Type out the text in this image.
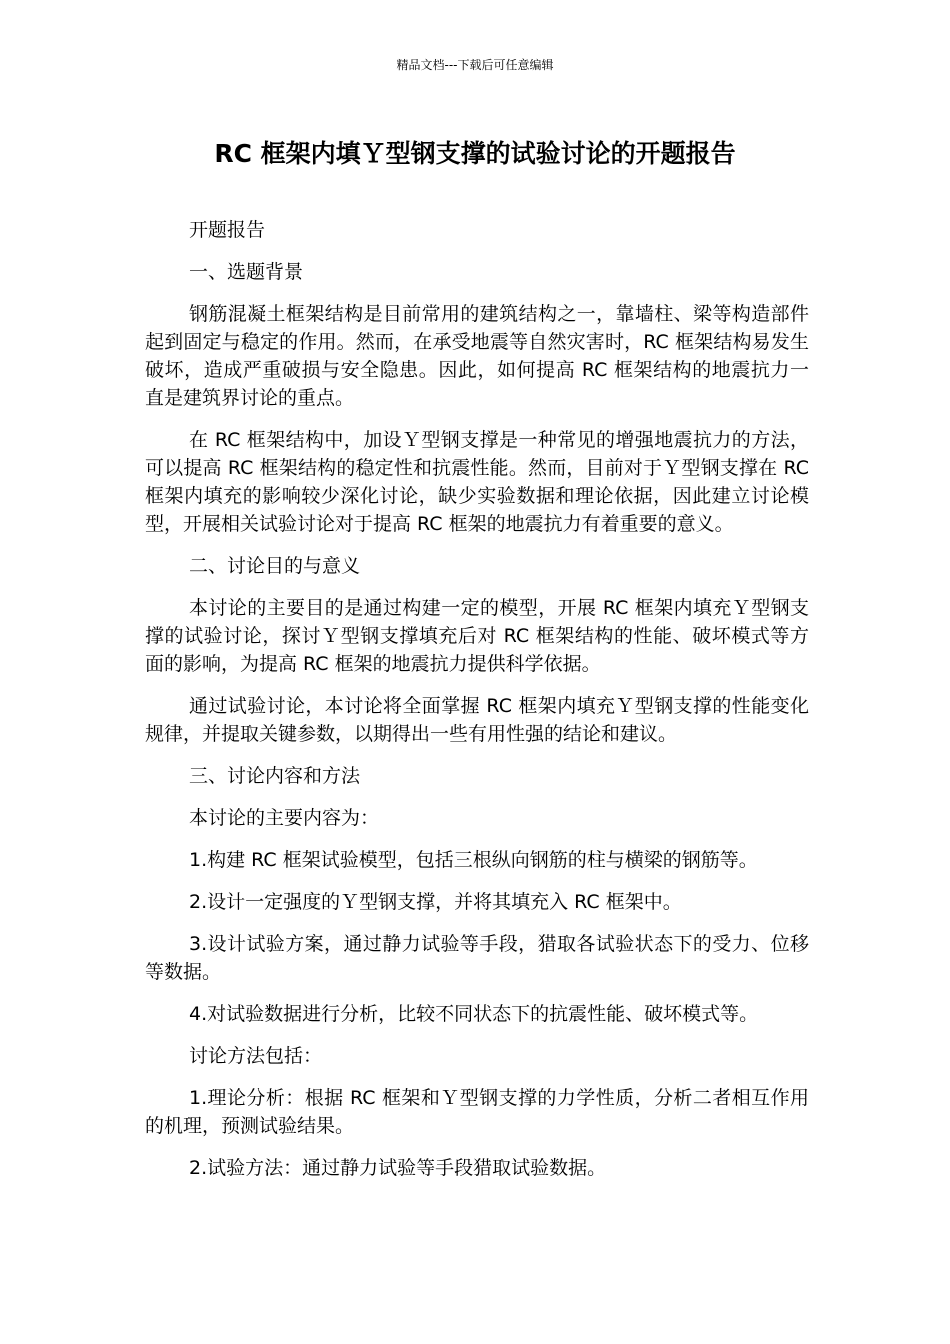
精品文档---下载后可任意编辑
RC 框架内填Ｙ型钢支撑的试验讨论的开题报告

开题报告

一、选题背景

钢筋混凝土框架结构是目前常用的建筑结构之一，靠墙柱、梁等构造部件起到固定与稳定的作用。然而，在承受地震等自然灾害时，RC 框架结构易发生破坏，造成严重破损与安全隐患。因此，如何提高 RC 框架结构的地震抗力一直是建筑界讨论的重点。

在 RC 框架结构中，加设Ｙ型钢支撑是一种常见的增强地震抗力的方法，可以提高 RC 框架结构的稳定性和抗震性能。然而，目前对于Ｙ型钢支撑在 RC 框架内填充的影响较少深化讨论，缺少实验数据和理论依据，因此建立讨论模型，开展相关试验讨论对于提高 RC 框架的地震抗力有着重要的意义。

二、讨论目的与意义

本讨论的主要目的是通过构建一定的模型，开展 RC 框架内填充Ｙ型钢支撑的试验讨论，探讨Ｙ型钢支撑填充后对 RC 框架结构的性能、破坏模式等方面的影响，为提高 RC 框架的地震抗力提供科学依据。

通过试验讨论，本讨论将全面掌握 RC 框架内填充Ｙ型钢支撑的性能变化规律，并提取关键参数，以期得出一些有用性强的结论和建议。

三、讨论内容和方法

本讨论的主要内容为：

1.构建 RC 框架试验模型，包括三根纵向钢筋的柱与横梁的钢筋等。

2.设计一定强度的Ｙ型钢支撑，并将其填充入 RC 框架中。

3.设计试验方案，通过静力试验等手段，猎取各试验状态下的受力、位移等数据。

4.对试验数据进行分析，比较不同状态下的抗震性能、破坏模式等。

讨论方法包括：

1.理论分析：根据 RC 框架和Ｙ型钢支撑的力学性质，分析二者相互作用的机理，预测试验结果。

2.试验方法：通过静力试验等手段猎取试验数据。
